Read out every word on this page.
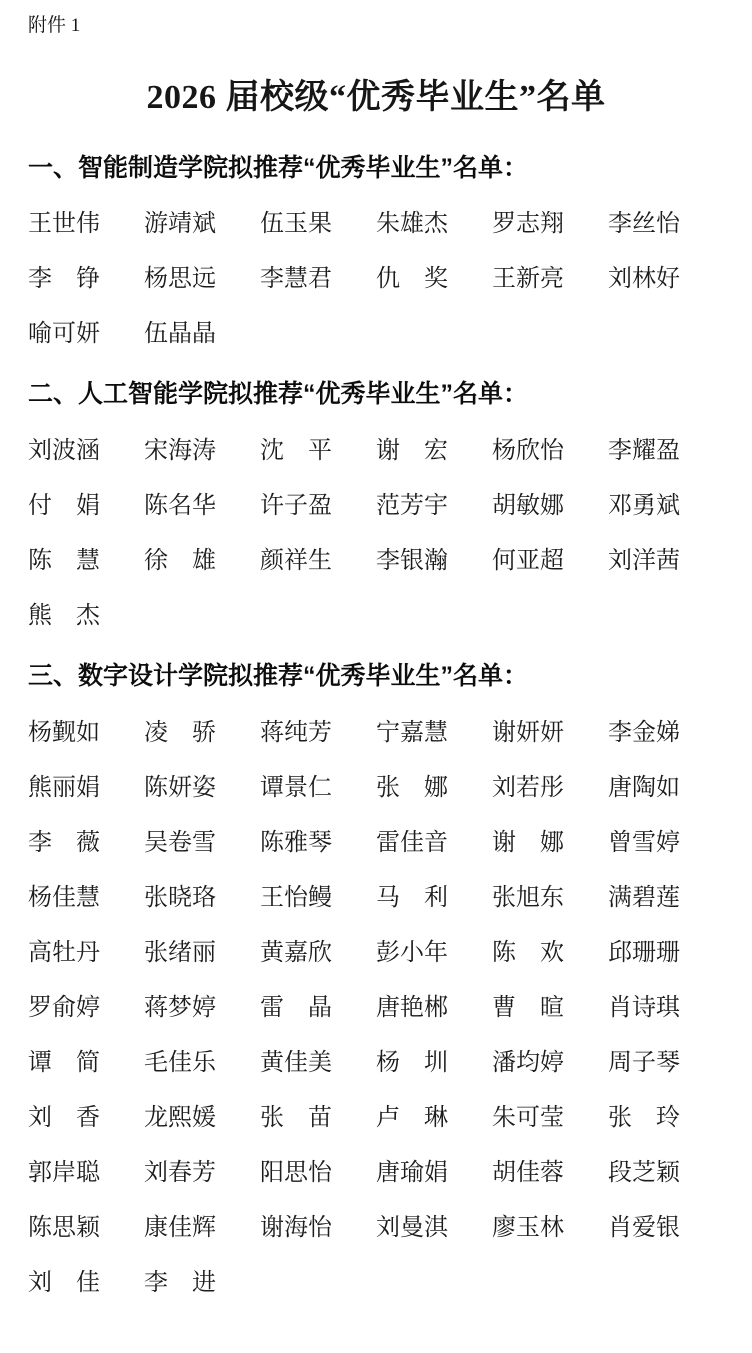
附件 1
2026 届校级“优秀毕业生”名单
一、智能制造学院拟推荐“优秀毕业生”名单：
王世伟	游靖斌	伍玉果	朱雄杰	罗志翔	李丝怡
李　铮	杨思远	李慧君	仇　奖	王新亮	刘林好
喻可妍	伍晶晶
二、人工智能学院拟推荐“优秀毕业生”名单：
刘波涵	宋海涛	沈　平	谢　宏	杨欣怡	李耀盈
付　娟	陈名华	许子盈	范芳宇	胡敏娜	邓勇斌
陈　慧	徐　雄	颜祥生	李银瀚	何亚超	刘洋茜
熊　杰
三、数字设计学院拟推荐“优秀毕业生”名单：
杨觐如	凌　骄	蒋纯芳	宁嘉慧	谢妍妍	李金娣
熊丽娟	陈妍姿	谭景仁	张　娜	刘若彤	唐陶如
李　薇	吴卷雪	陈雅琴	雷佳音	谢　娜	曾雪婷
杨佳慧	张晓珞	王怡鳗	马　利	张旭东	满碧莲
高牡丹	张绪丽	黄嘉欣	彭小年	陈　欢	邱珊珊
罗俞婷	蒋梦婷	雷　晶	唐艳郴	曹　暄	肖诗琪
谭　简	毛佳乐	黄佳美	杨　圳	潘均婷	周子琴
刘　香	龙熙媛	张　苗	卢　琳	朱可莹	张　玲
郭岸聪	刘春芳	阳思怡	唐瑜娟	胡佳蓉	段芝颖
陈思颖	康佳辉	谢海怡	刘曼淇	廖玉林	肖爱银
刘　佳	李　进
